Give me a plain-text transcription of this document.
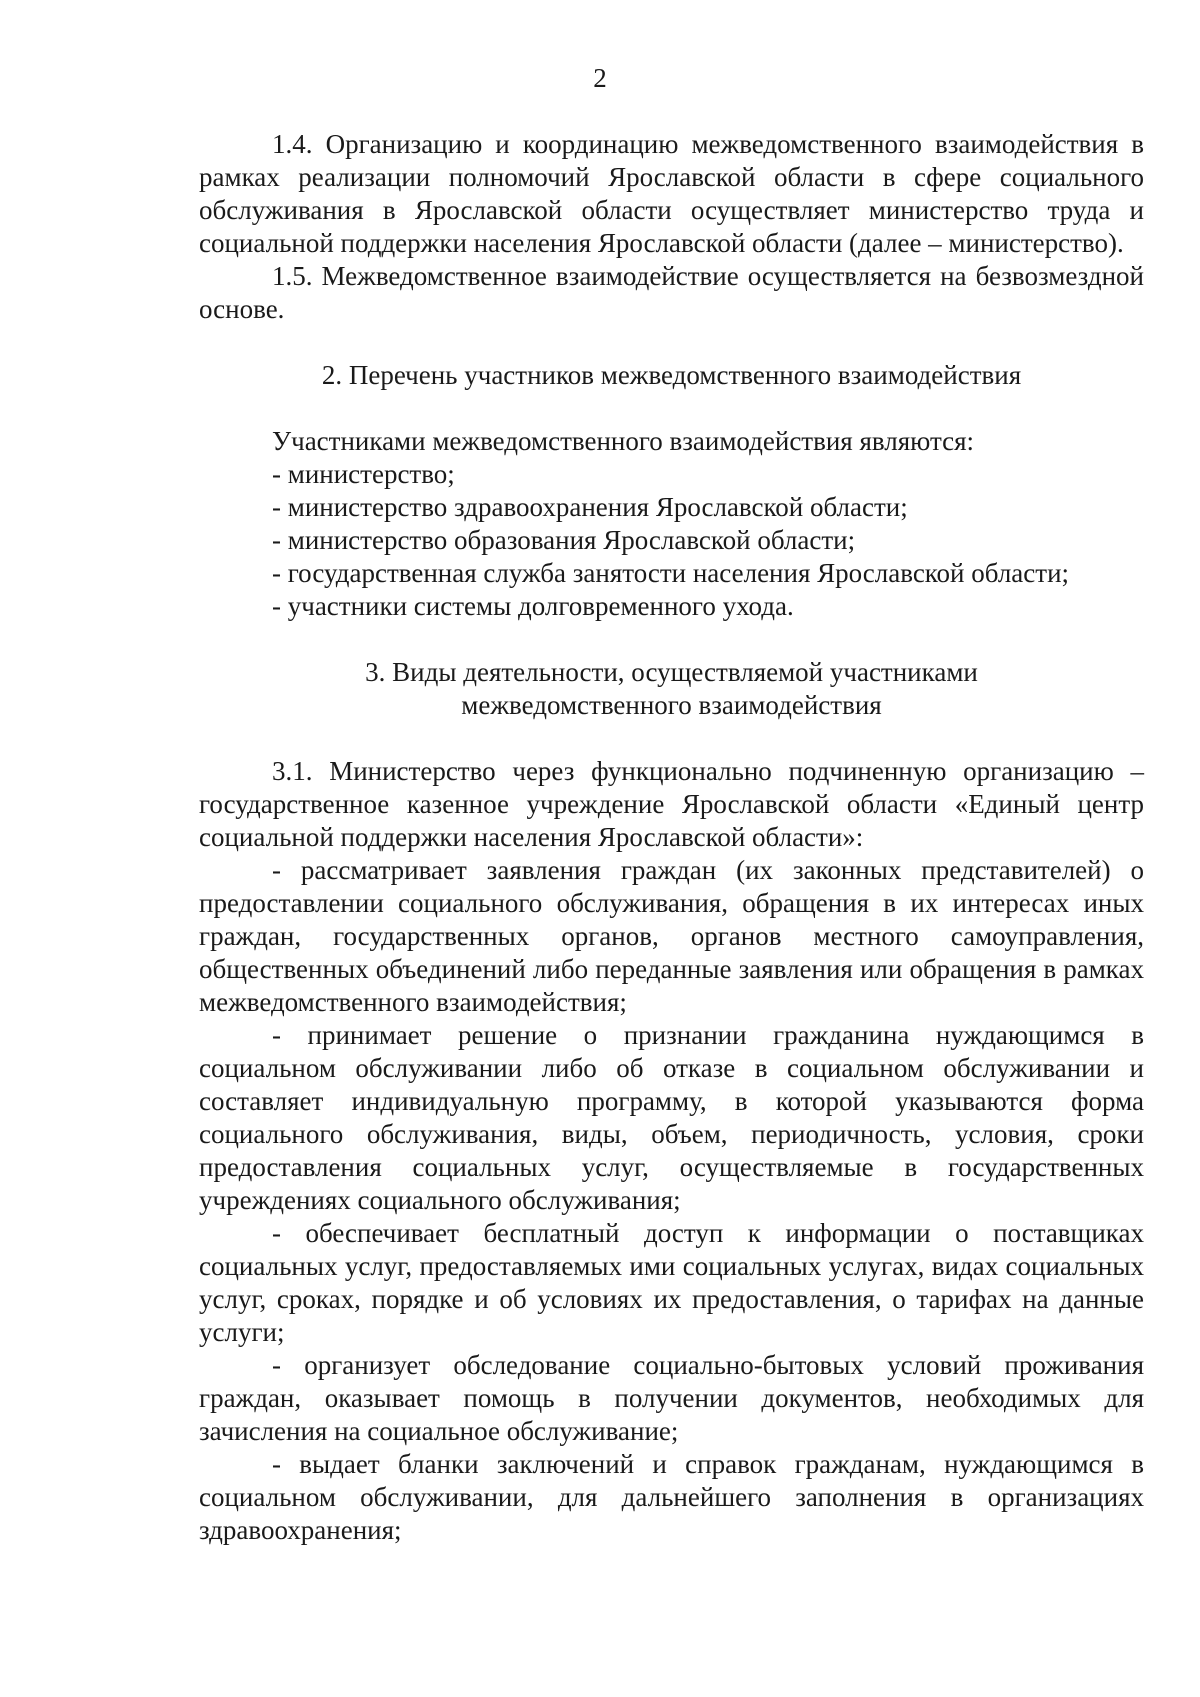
2

1.4. Организацию и координацию межведомственного взаимодействия в рамках реализации полномочий Ярославской области в сфере социального обслуживания в Ярославской области осуществляет министерство труда и социальной поддержки населения Ярославской области (далее – министерство).

1.5. Межведомственное взаимодействие осуществляется на безвозмездной основе.

2. Перечень участников межведомственного взаимодействия

Участниками межведомственного взаимодействия являются:

- министерство;

- министерство здравоохранения Ярославской области;

- министерство образования Ярославской области;

- государственная служба занятости населения Ярославской области;

- участники системы долговременного ухода.

3. Виды деятельности, осуществляемой участниками

межведомственного взаимодействия

3.1. Министерство через функционально подчиненную организацию – государственное казенное учреждение Ярославской области «Единый центр социальной поддержки населения Ярославской области»:

- рассматривает заявления граждан (их законных представителей) о предоставлении социального обслуживания, обращения в их интересах иных граждан, государственных органов, органов местного самоуправления, общественных объединений либо переданные заявления или обращения в рамках межведомственного взаимодействия;

- принимает решение о признании гражданина нуждающимся в социальном обслуживании либо об отказе в социальном обслуживании и составляет индивидуальную программу, в которой указываются форма социального обслуживания, виды, объем, периодичность, условия, сроки предоставления социальных услуг, осуществляемые в государственных учреждениях социального обслуживания;

- обеспечивает бесплатный доступ к информации о поставщиках социальных услуг, предоставляемых ими социальных услугах, видах социальных услуг, сроках, порядке и об условиях их предоставления, о тарифах на данные услуги;

- организует обследование социально-бытовых условий проживания граждан, оказывает помощь в получении документов, необходимых для зачисления на социальное обслуживание;

- выдает бланки заключений и справок гражданам, нуждающимся в социальном обслуживании, для дальнейшего заполнения в организациях здравоохранения;
